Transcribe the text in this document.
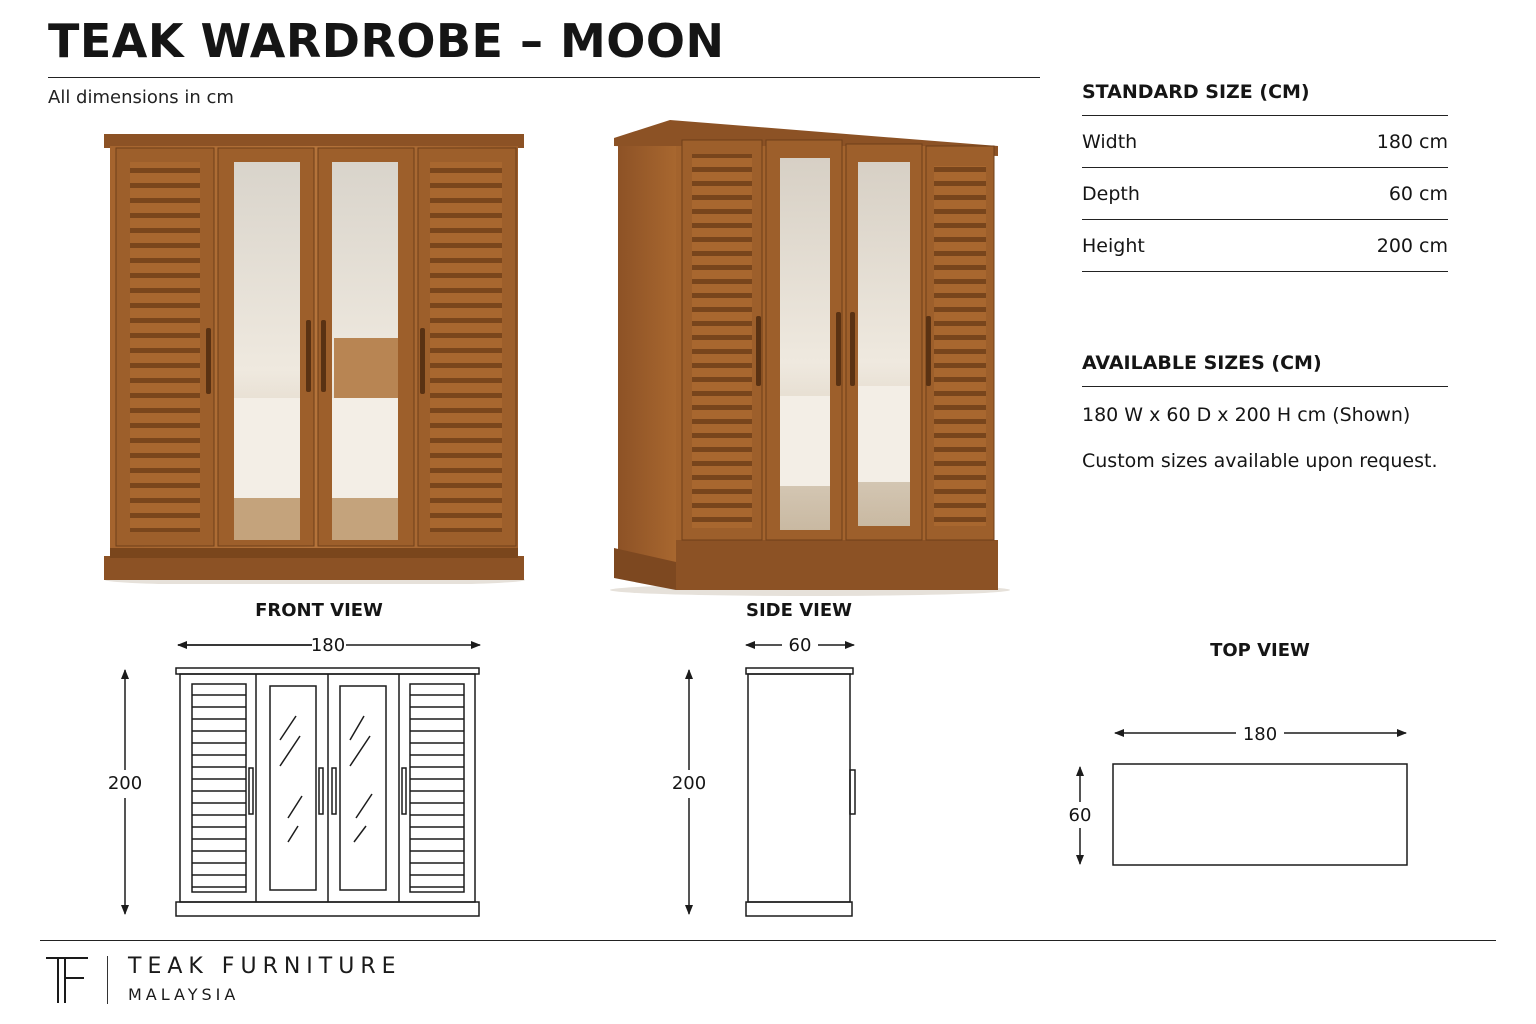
TEAK WARDROBE – MOON
All dimensions in cm	STANDARD SIZE (CM)
Width	180 cm
Depth	60 cm
Height	200 cm
AVAILABLE SIZES (CM)
180 W x 60 D x 200 H cm (Shown)
Custom sizes available upon request.
FRONT VIEW	SIDE VIEW
TOP VIEW
180
200
60
200
180
60
TEAK FURNITURE
MALAYSIA
